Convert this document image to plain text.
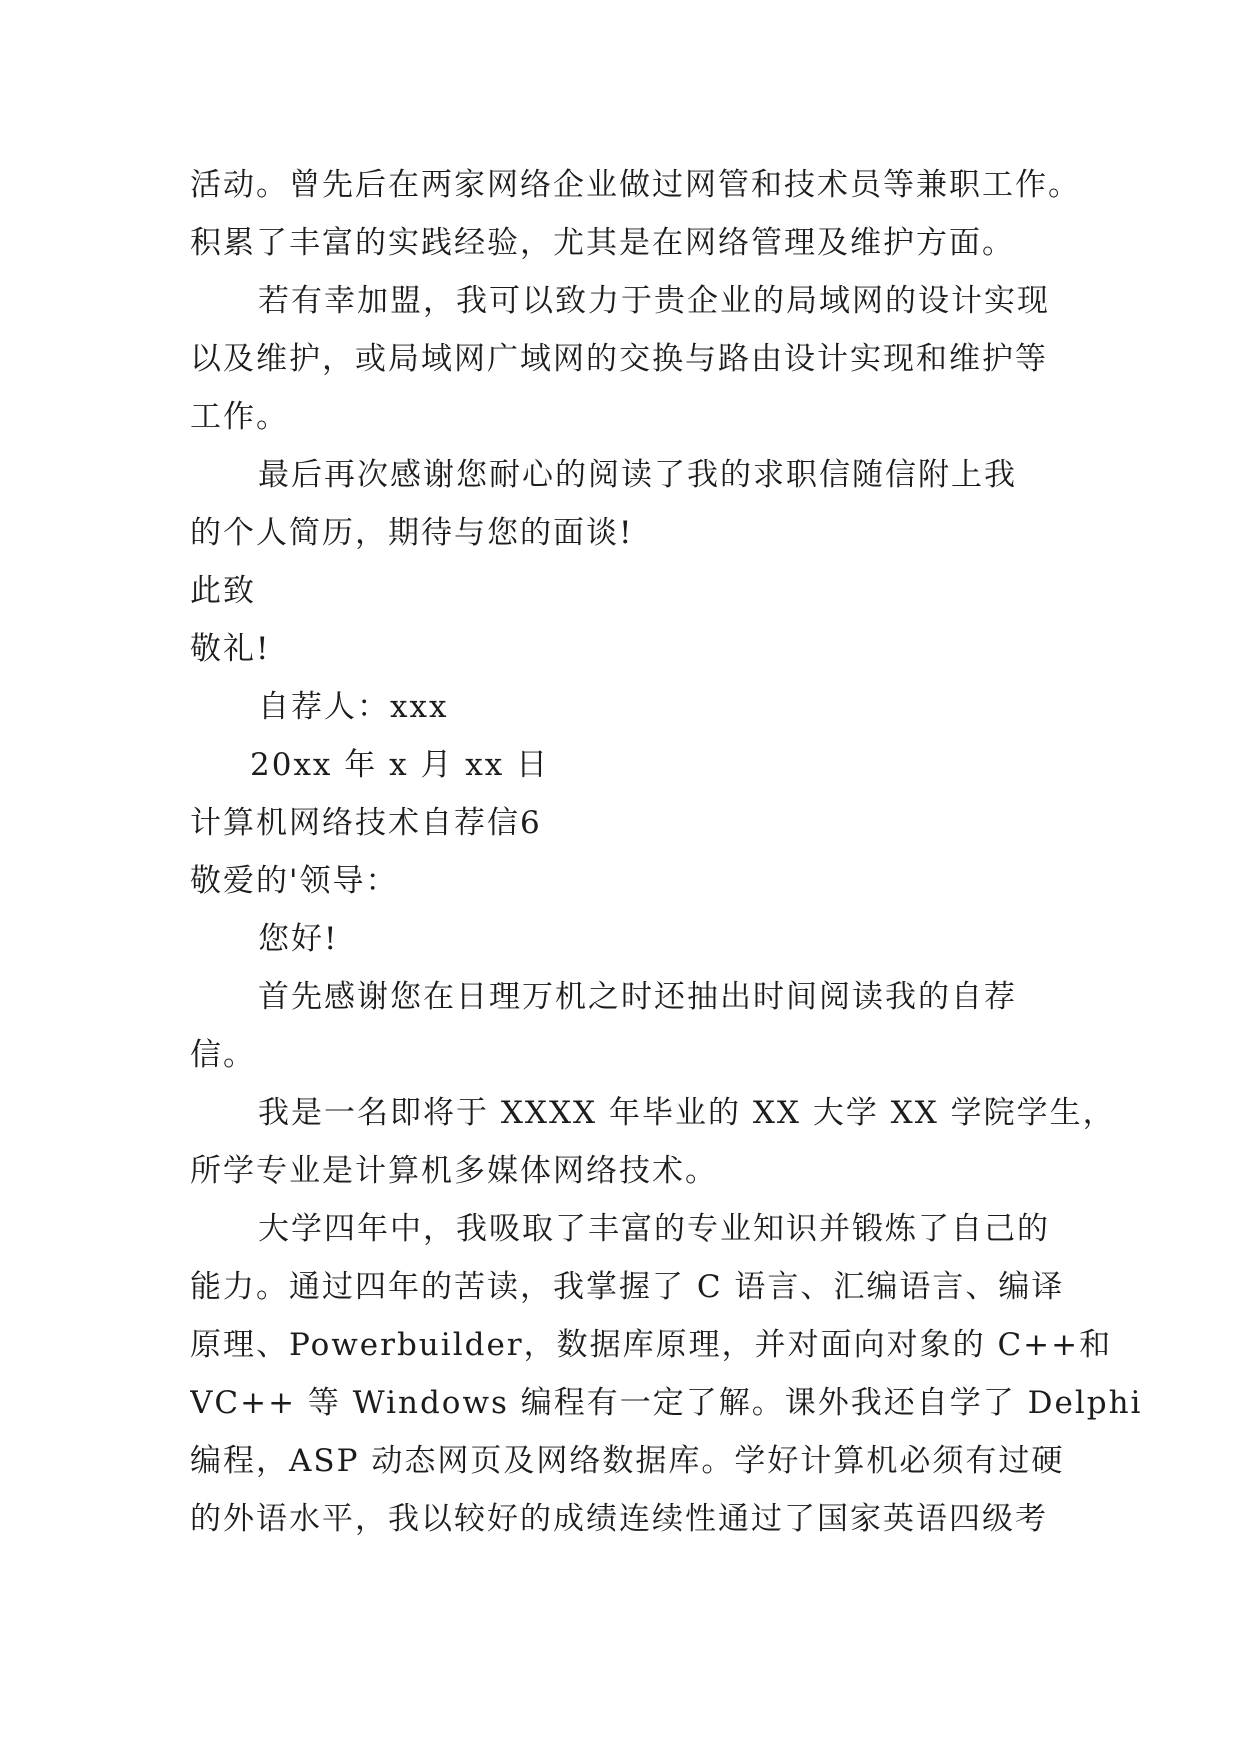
活动。曾先后在两家网络企业做过网管和技术员等兼职工作。
积累了丰富的实践经验，尤其是在网络管理及维护方面。
若有幸加盟，我可以致力于贵企业的局域网的设计实现
以及维护，或局域网广域网的交换与路由设计实现和维护等
工作。
最后再次感谢您耐心的阅读了我的求职信随信附上我
的个人简历，期待与您的面谈!
此致
敬礼!
自荐人：xxx
20xx 年 x 月 xx 日
计算机网络技术自荐信6
敬爱的'领导：
您好!
首先感谢您在日理万机之时还抽出时间阅读我的自荐
信。
我是一名即将于 XXXX 年毕业的 XX 大学 XX 学院学生，
所学专业是计算机多媒体网络技术。
大学四年中，我吸取了丰富的专业知识并锻炼了自己的
能力。通过四年的苦读，我掌握了 C 语言、汇编语言、编译
原理、Powerbuilder，数据库原理，并对面向对象的 C++和
VC++ 等 Windows 编程有一定了解。课外我还自学了 Delphi
编程，ASP 动态网页及网络数据库。学好计算机必须有过硬
的外语水平，我以较好的成绩连续性通过了国家英语四级考
